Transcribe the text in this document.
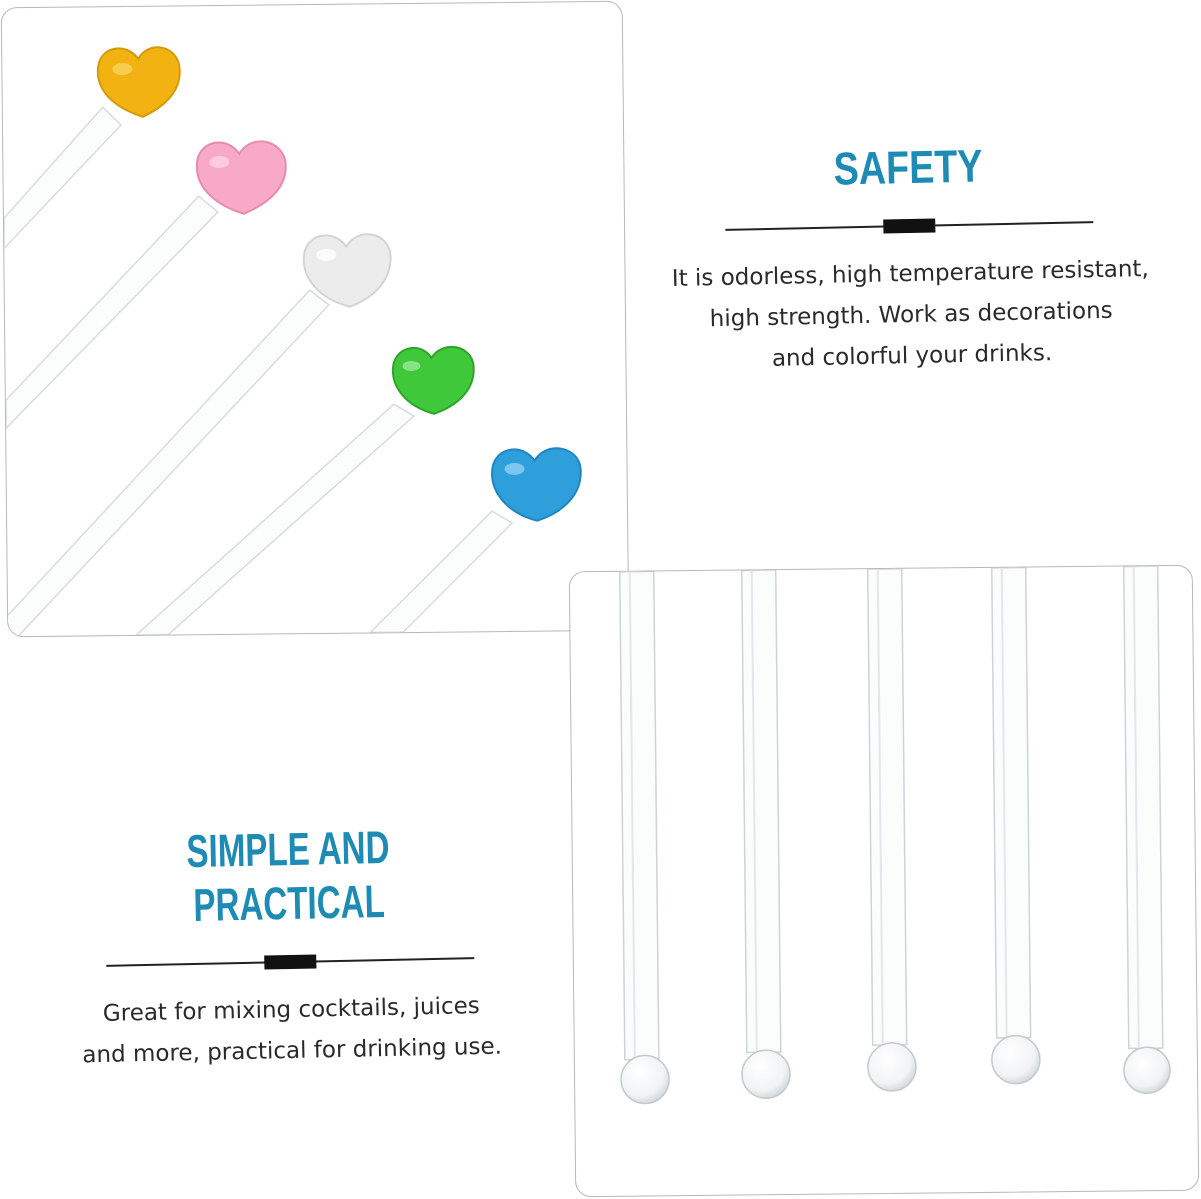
SAFETY

It is odorless, high temperature resistant,
high strength. Work as decorations
and colorful your drinks.

SIMPLE AND PRACTICAL

Great for mixing cocktails, juices
and more, practical for drinking use.
